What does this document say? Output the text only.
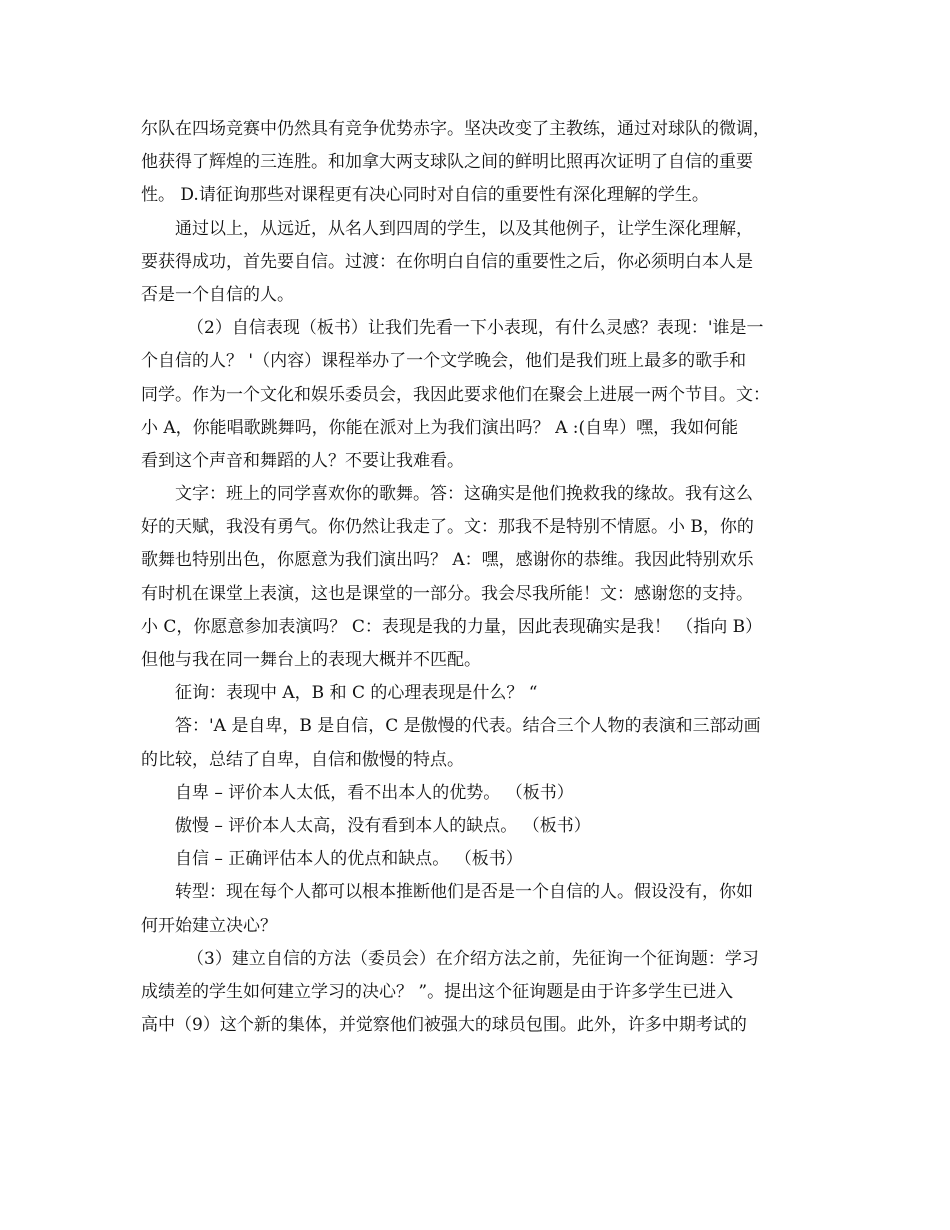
尔队在四场竞赛中仍然具有竞争优势赤字。坚决改变了主教练，通过对球队的微调，
他获得了辉煌的三连胜。和加拿大两支球队之间的鲜明比照再次证明了自信的重要
性。 D.请征询那些对课程更有决心同时对自信的重要性有深化理解的学生。
通过以上，从远近，从名人到四周的学生，以及其他例子，让学生深化理解，
要获得成功，首先要自信。过渡：在你明白自信的重要性之后，你必须明白本人是
否是一个自信的人。
（2）自信表现（板书）让我们先看一下小表现，有什么灵感？表现：'谁是一
个自信的人？ '（内容）课程举办了一个文学晚会，他们是我们班上最多的歌手和
同学。作为一个文化和娱乐委员会，我因此要求他们在聚会上进展一两个节目。文：
小 A，你能唱歌跳舞吗，你能在派对上为我们演出吗？ A :(自卑）嘿，我如何能
看到这个声音和舞蹈的人？不要让我难看。
文字：班上的同学喜欢你的歌舞。答：这确实是他们挽救我的缘故。我有这么
好的天赋，我没有勇气。你仍然让我走了。文：那我不是特别不情愿。小 B，你的
歌舞也特别出色，你愿意为我们演出吗？ A：嘿，感谢你的恭维。我因此特别欢乐
有时机在课堂上表演，这也是课堂的一部分。我会尽我所能！文：感谢您的支持。
小 C，你愿意参加表演吗？ C：表现是我的力量，因此表现确实是我！ （指向 B）
但他与我在同一舞台上的表现大概并不匹配。
征询：表现中 A，B 和 C 的心理表现是什么？ “
答：'A 是自卑，B 是自信，C 是傲慢的代表。结合三个人物的表演和三部动画
的比较，总结了自卑，自信和傲慢的特点。
自卑 – 评价本人太低，看不出本人的优势。 （板书）
傲慢 – 评价本人太高，没有看到本人的缺点。 （板书）
自信 – 正确评估本人的优点和缺点。 （板书）
转型：现在每个人都可以根本推断他们是否是一个自信的人。假设没有，你如
何开始建立决心？
（3）建立自信的方法（委员会）在介绍方法之前，先征询一个征询题：学习
成绩差的学生如何建立学习的决心？ ”。提出这个征询题是由于许多学生已进入
高中（9）这个新的集体，并觉察他们被强大的球员包围。此外，许多中期考试的
